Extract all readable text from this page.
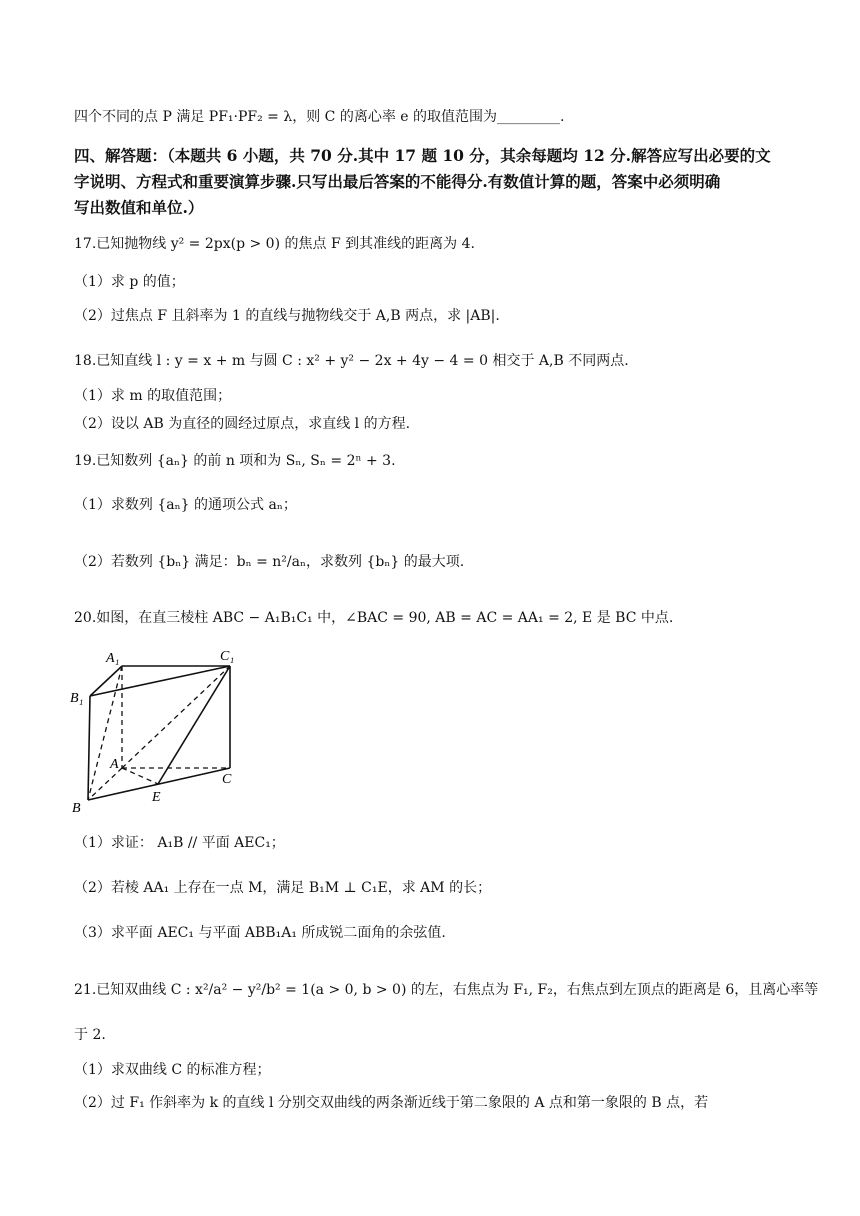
四个不同的点 P 满足 PF₁·PF₂ = λ，则 C 的离心率 e 的取值范围为_________.
四、解答题：（本题共 6 小题，共 70 分.其中 17 题 10 分，其余每题均 12 分.解答应写出必要的文
字说明、方程式和重要演算步骤.只写出最后答案的不能得分.有数值计算的题，答案中必须明确
写出数值和单位.）
17.已知抛物线 y² = 2px(p > 0) 的焦点 F 到其准线的距离为 4.
（1）求 p 的值；
（2）过焦点 F 且斜率为 1 的直线与抛物线交于 A,B 两点，求 |AB|.
18.已知直线 l : y = x + m 与圆 C : x² + y² − 2x + 4y − 4 = 0 相交于 A,B 不同两点.
（1）求 m 的取值范围；
（2）设以 AB 为直径的圆经过原点，求直线 l 的方程.
19.已知数列 {aₙ} 的前 n 项和为 Sₙ, Sₙ = 2ⁿ + 3.
（1）求数列 {aₙ} 的通项公式 aₙ；
（2）若数列 {bₙ} 满足：bₙ = n²/aₙ，求数列 {bₙ} 的最大项.
20.如图，在直三棱柱 ABC − A₁B₁C₁ 中，∠BAC = 90, AB = AC = AA₁ = 2, E 是 BC 中点.
A₁	C₁
B₁
A
C
B
E
（1）求证： A₁B // 平面 AEC₁；
（2）若棱 AA₁ 上存在一点 M，满足 B₁M ⊥ C₁E，求 AM 的长；
（3）求平面 AEC₁ 与平面 ABB₁A₁ 所成锐二面角的余弦值.
21.已知双曲线 C : x²/a² − y²/b² = 1(a > 0, b > 0) 的左，右焦点为 F₁, F₂，右焦点到左顶点的距离是 6，且离心率等
于 2.
（1）求双曲线 C 的标准方程；
（2）过 F₁ 作斜率为 k 的直线 l 分别交双曲线的两条渐近线于第二象限的 A 点和第一象限的 B 点，若
